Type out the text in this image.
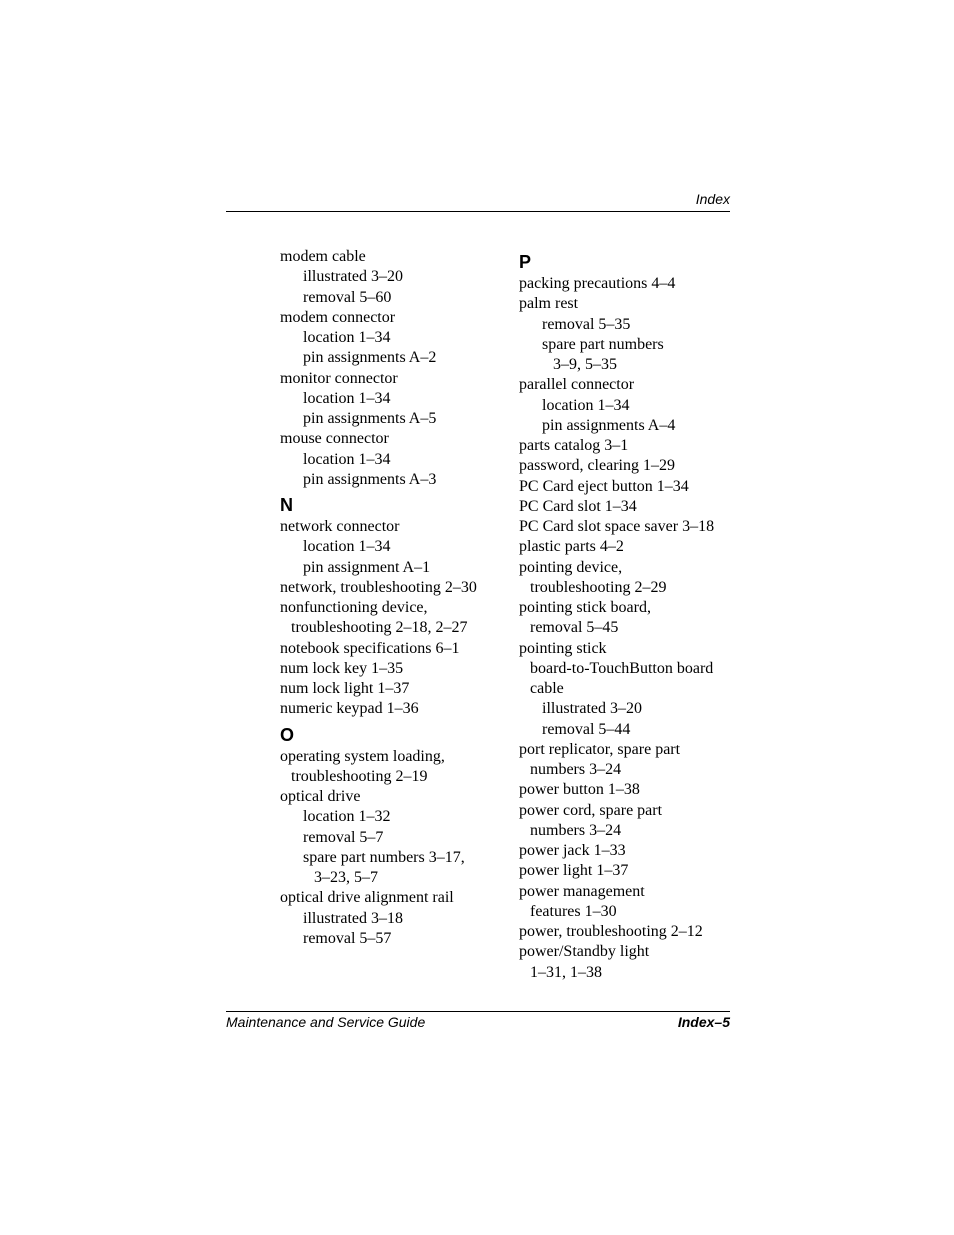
Index
modem cable
illustrated 3–20
removal 5–60
modem connector
location 1–34
pin assignments A–2
monitor connector
location 1–34
pin assignments A–5
mouse connector
location 1–34
pin assignments A–3
N
network connector
location 1–34
pin assignment A–1
network, troubleshooting 2–30
nonfunctioning device,
troubleshooting 2–18, 2–27
notebook specifications 6–1
num lock key 1–35
num lock light 1–37
numeric keypad 1–36
O
operating system loading,
troubleshooting 2–19
optical drive
location 1–32
removal 5–7
spare part numbers 3–17,
3–23, 5–7
optical drive alignment rail
illustrated 3–18
removal 5–57
P
packing precautions 4–4
palm rest
removal 5–35
spare part numbers
3–9, 5–35
parallel connector
location 1–34
pin assignments A–4
parts catalog 3–1
password, clearing 1–29
PC Card eject button 1–34
PC Card slot 1–34
PC Card slot space saver 3–18
plastic parts 4–2
pointing device,
troubleshooting 2–29
pointing stick board,
removal 5–45
pointing stick
board-to-TouchButton board
cable
illustrated 3–20
removal 5–44
port replicator, spare part
numbers 3–24
power button 1–38
power cord, spare part
numbers 3–24
power jack 1–33
power light 1–37
power management
features 1–30
power, troubleshooting 2–12
power/Standby light
1–31, 1–38
Maintenance and Service Guide	Index–5
